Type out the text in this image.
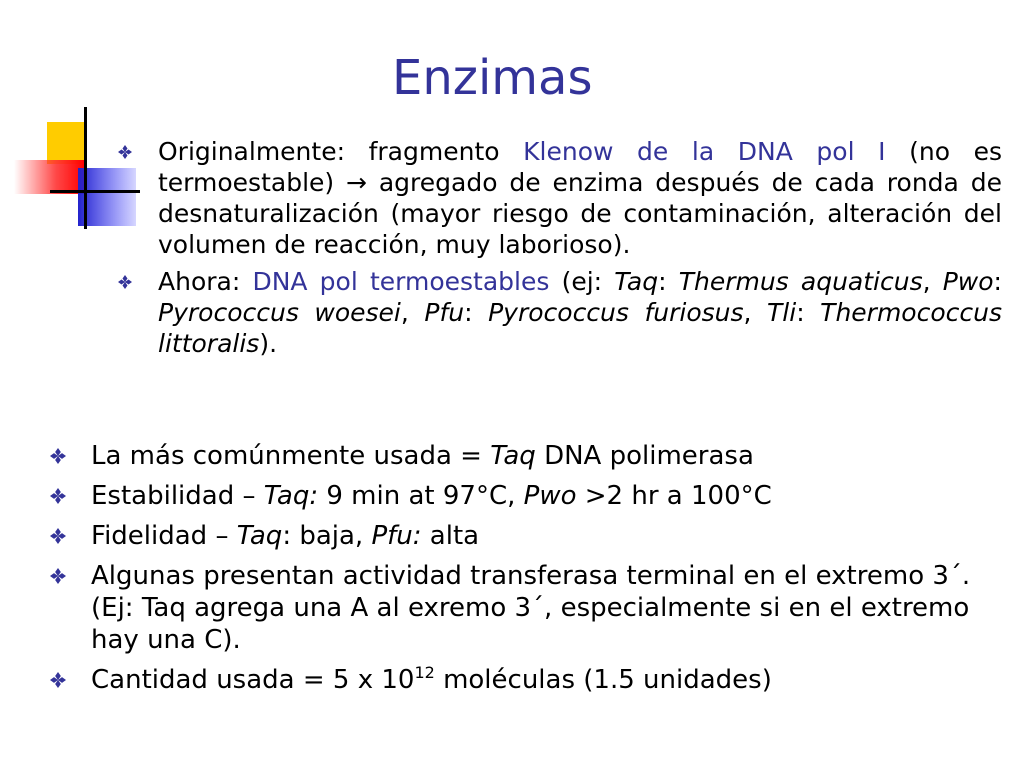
Enzimas
Originalmente: fragmento Klenow de la DNA pol I (no es termoestable) → agregado de enzima después de cada ronda de desnaturalización (mayor riesgo de contaminación, alteración del volumen de reacción, muy laborioso).
Ahora: DNA pol termoestables (ej: Taq: Thermus aquaticus, Pwo: Pyrococcus woesei, Pfu: Pyrococcus furiosus, Tli: Thermococcus littoralis).
La más comúnmente usada = Taq DNA polimerasa
Estabilidad – Taq: 9 min at 97°C, Pwo >2 hr a 100°C
Fidelidad – Taq: baja, Pfu: alta
Algunas presentan actividad transferasa terminal en el extremo 3´. (Ej: Taq agrega una A al exremo 3´, especialmente si en el extremo hay una C).
Cantidad usada = 5 x $10^{12}$ moléculas (1.5 unidades)
